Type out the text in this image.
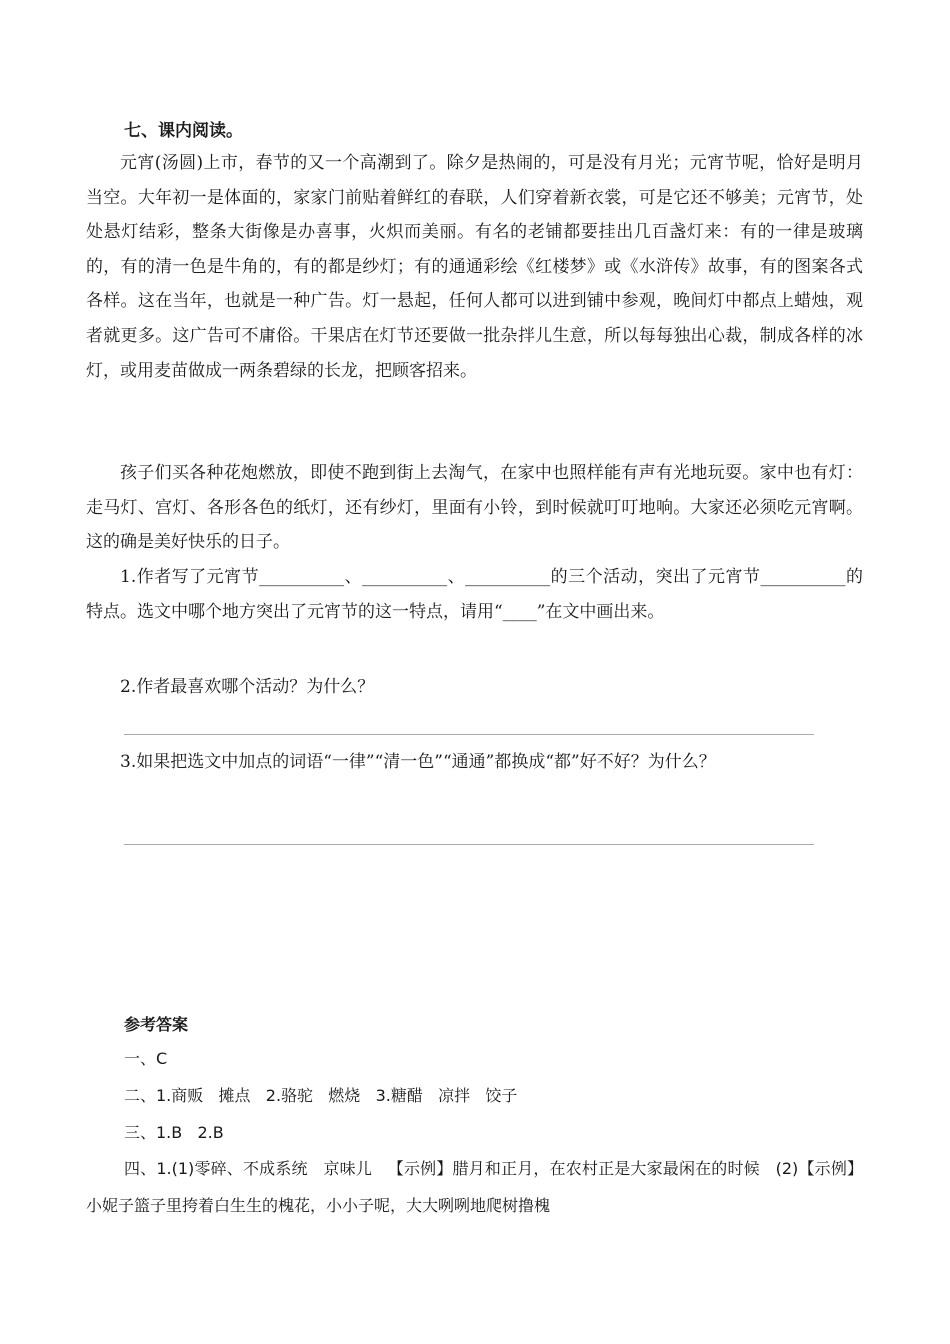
七、课内阅读。
元宵(汤圆)上市，春节的又一个高潮到了。除夕是热闹的，可是没有月光；元宵节呢，恰好是明月当空。大年初一是体面的，家家门前贴着鲜红的春联，人们穿着新衣裳，可是它还不够美；元宵节，处处悬灯结彩，整条大街像是办喜事，火炽而美丽。有名的老铺都要挂出几百盏灯来：有的一律是玻璃的，有的清一色是牛角的，有的都是纱灯；有的通通彩绘《红楼梦》或《水浒传》故事，有的图案各式各样。这在当年，也就是一种广告。灯一悬起，任何人都可以进到铺中参观，晚间灯中都点上蜡烛，观者就更多。这广告可不庸俗。干果店在灯节还要做一批杂拌儿生意，所以每每独出心裁，制成各样的冰灯，或用麦苗做成一两条碧绿的长龙，把顾客招来。
孩子们买各种花炮燃放，即使不跑到街上去淘气，在家中也照样能有声有光地玩耍。家中也有灯：走马灯、宫灯、各形各色的纸灯，还有纱灯，里面有小铃，到时候就叮叮地响。大家还必须吃元宵啊。这的确是美好快乐的日子。
1.作者写了元宵节__________、__________、__________的三个活动，突出了元宵节__________的特点。选文中哪个地方突出了元宵节的这一特点，请用“____”在文中画出来。
2.作者最喜欢哪个活动？为什么？
3.如果把选文中加点的词语“一律”“清一色”“通通”都换成“都”好不好？为什么？
参考答案
一、C
二、1.商贩   摊点   2.骆驼   燃烧   3.糖醋   凉拌   饺子
三、1.B   2.B
四、1.(1)零碎、不成系统   京味儿   【示例】腊月和正月，在农村正是大家最闲在的时候   (2)【示例】小妮子篮子里挎着白生生的槐花，小小子呢，大大咧咧地爬树撸槐
